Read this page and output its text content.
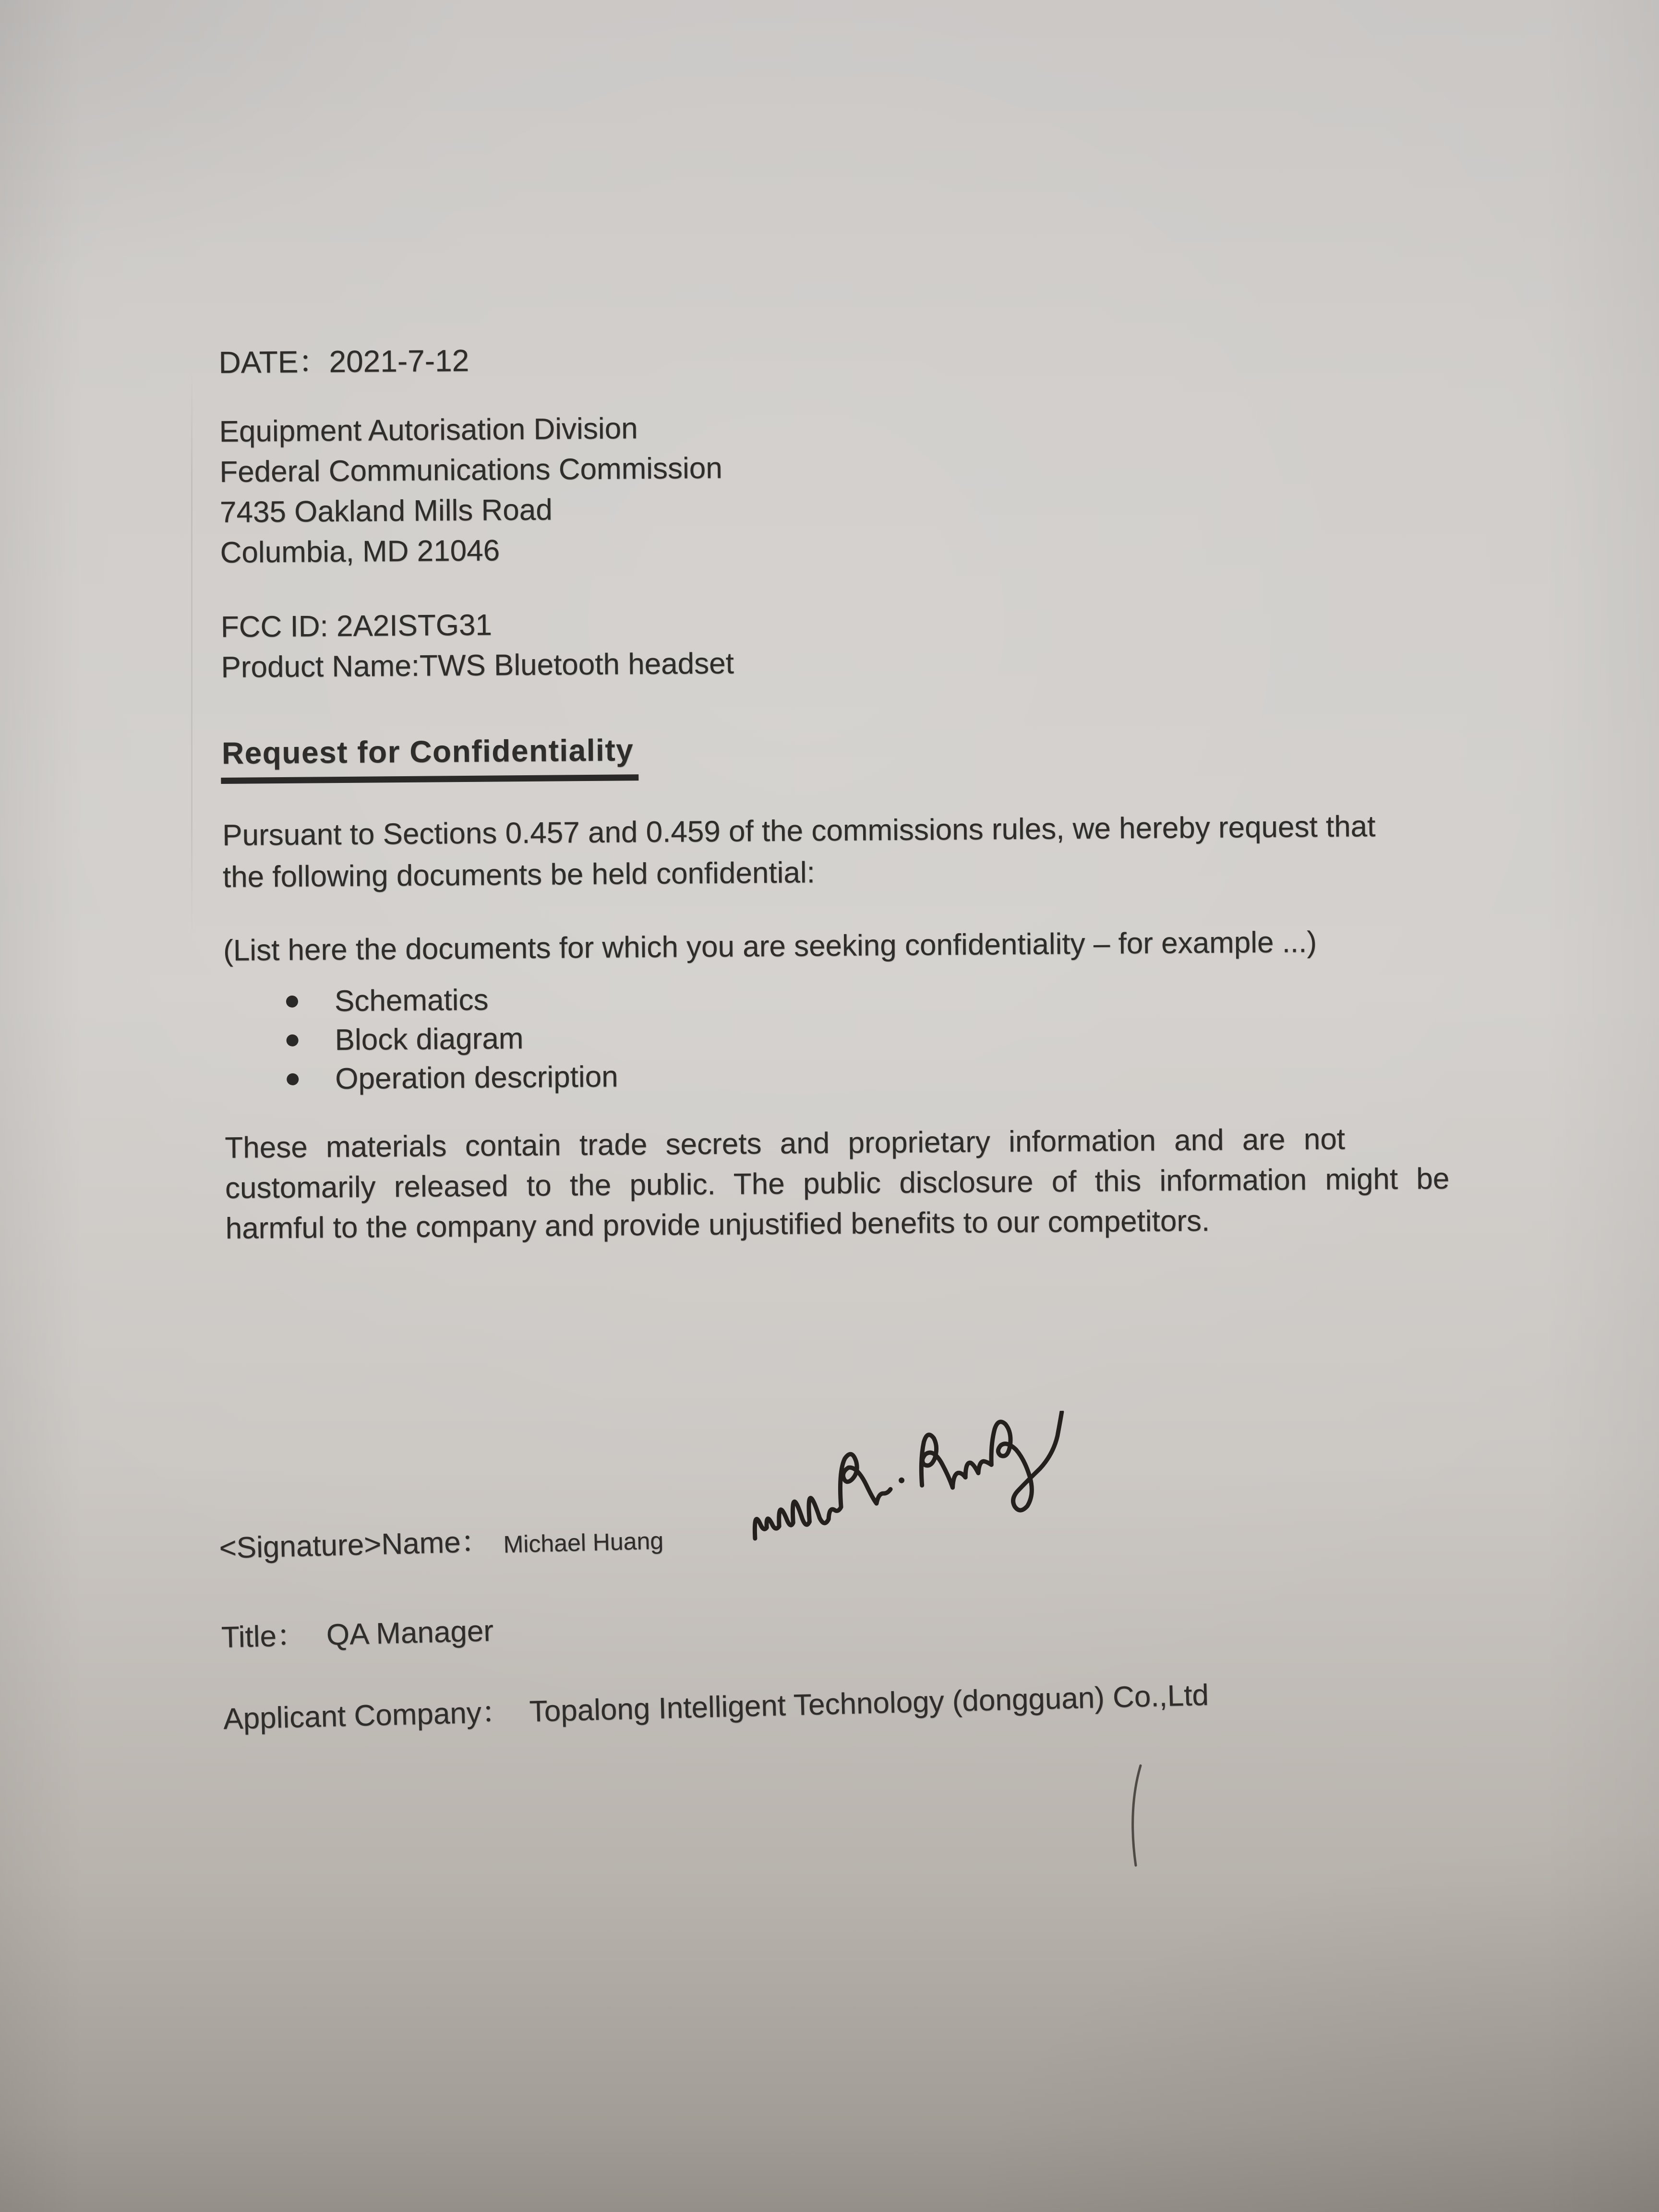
DATE：2021-7-12
Equipment Autorisation Division
Federal Communications Commission
7435 Oakland Mills Road
Columbia, MD 21046
FCC ID: 2A2ISTG31
Product Name:TWS Bluetooth headset
Request for Confidentiality
Pursuant to Sections 0.457 and 0.459 of the commissions rules, we hereby request that
the following documents be held confidential:
(List here the documents for which you are seeking confidentiality – for example ...)
Schematics
Block diagram
Operation description
These materials contain trade secrets and proprietary information and are not
customarily released to the public. The public disclosure of this information might be
harmful to the company and provide unjustified benefits to our competitors.
<Signature>Name： Michael Huang
Title： QA Manager
Applicant Company： Topalong Intelligent Technology (dongguan) Co.,Ltd
